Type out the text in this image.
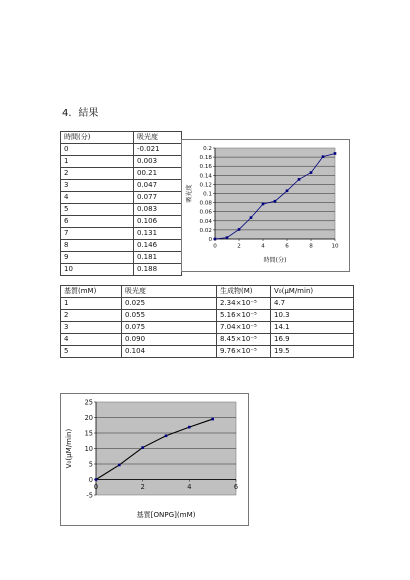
4．結果
時間(分)	吸光度
0	-0.021
1	0.003
2	00.21
3	0.047
4	0.077
5	0.083
6	0.106
7	0.131
8	0.146
9	0.181
10	0.188
0
0.02
0.04
0.06
0.08
0.1
0.12
0.14
0.16
0.18
0.2
0	2	4	6	8	10
時間(分)
吸光度
基質(mM)	吸光度	生成物(M)	V₀(μM/min)
1	0.025	2.34×10⁻⁵	4.7
2	0.055	5.16×10⁻⁵	10.3
3	0.075	7.04×10⁻⁵	14.1
4	0.090	8.45×10⁻⁵	16.9
5	0.104	9.76×10⁻⁵	19.5
-5
0
5
10
15
20
25
0	2	4	6
基質[ONPG](mM)
V₀(μM/min)
